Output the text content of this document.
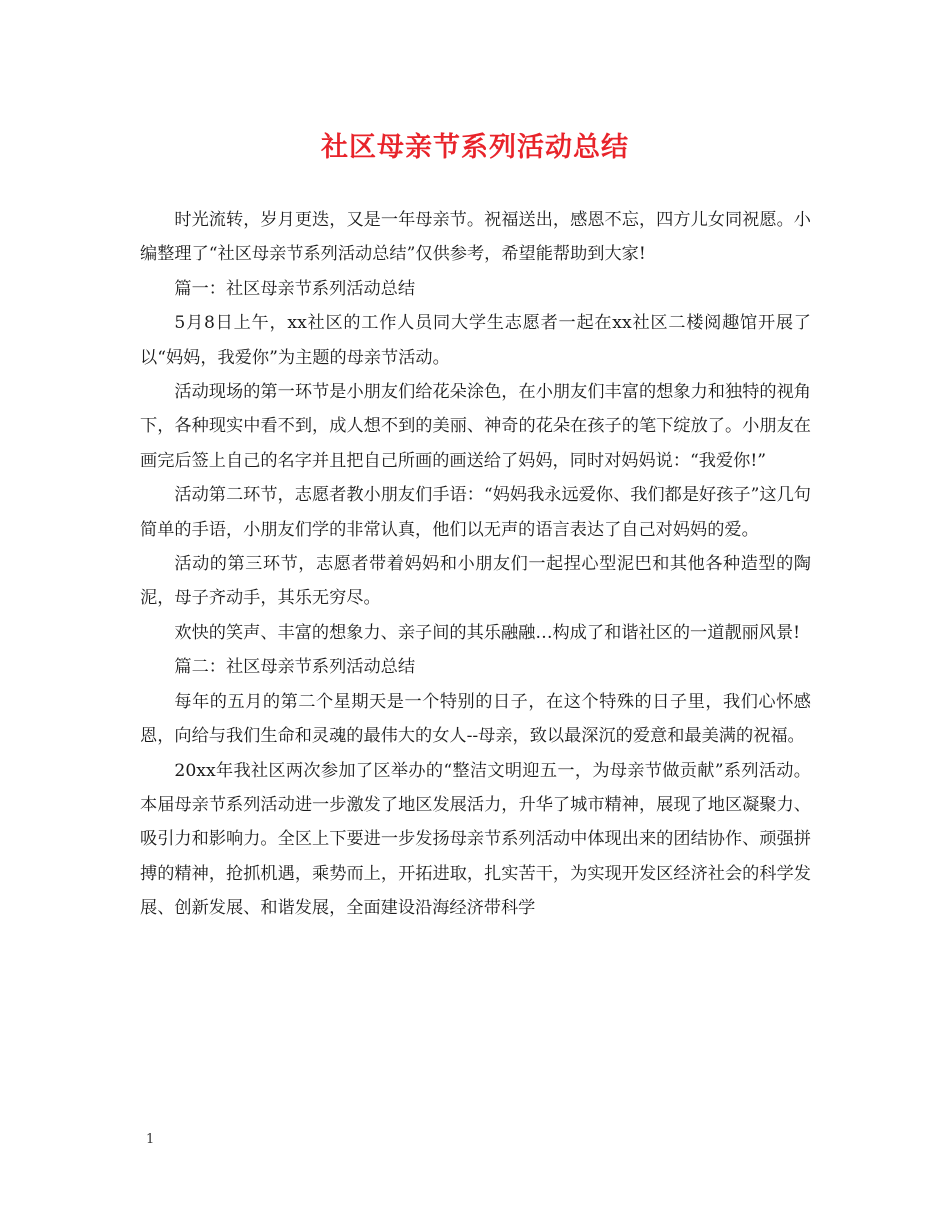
社区母亲节系列活动总结

时光流转，岁月更迭，又是一年母亲节。祝福送出，感恩不忘，四方儿女同祝愿。小编整理了“社区母亲节系列活动总结”仅供参考，希望能帮助到大家!

篇一：社区母亲节系列活动总结

5月8日上午，xx社区的工作人员同大学生志愿者一起在xx社区二楼阅趣馆开展了以“妈妈，我爱你”为主题的母亲节活动。

活动现场的第一环节是小朋友们给花朵涂色，在小朋友们丰富的想象力和独特的视角下，各种现实中看不到，成人想不到的美丽、神奇的花朵在孩子的笔下绽放了。小朋友在画完后签上自己的名字并且把自己所画的画送给了妈妈，同时对妈妈说：“我爱你!”

活动第二环节，志愿者教小朋友们手语：“妈妈我永远爱你、我们都是好孩子”这几句简单的手语，小朋友们学的非常认真，他们以无声的语言表达了自己对妈妈的爱。

活动的第三环节，志愿者带着妈妈和小朋友们一起捏心型泥巴和其他各种造型的陶泥，母子齐动手，其乐无穷尽。

欢快的笑声、丰富的想象力、亲子间的其乐融融…构成了和谐社区的一道靓丽风景!

篇二：社区母亲节系列活动总结

每年的五月的第二个星期天是一个特别的日子，在这个特殊的日子里，我们心怀感恩，向给与我们生命和灵魂的最伟大的女人--母亲，致以最深沉的爱意和最美满的祝福。

20xx年我社区两次参加了区举办的“整洁文明迎五一，为母亲节做贡献”系列活动。本届母亲节系列活动进一步激发了地区发展活力，升华了城市精神，展现了地区凝聚力、吸引力和影响力。全区上下要进一步发扬母亲节系列活动中体现出来的团结协作、顽强拼搏的精神，抢抓机遇，乘势而上，开拓进取，扎实苦干，为实现开发区经济社会的科学发展、创新发展、和谐发展，全面建设沿海经济带科学

1
